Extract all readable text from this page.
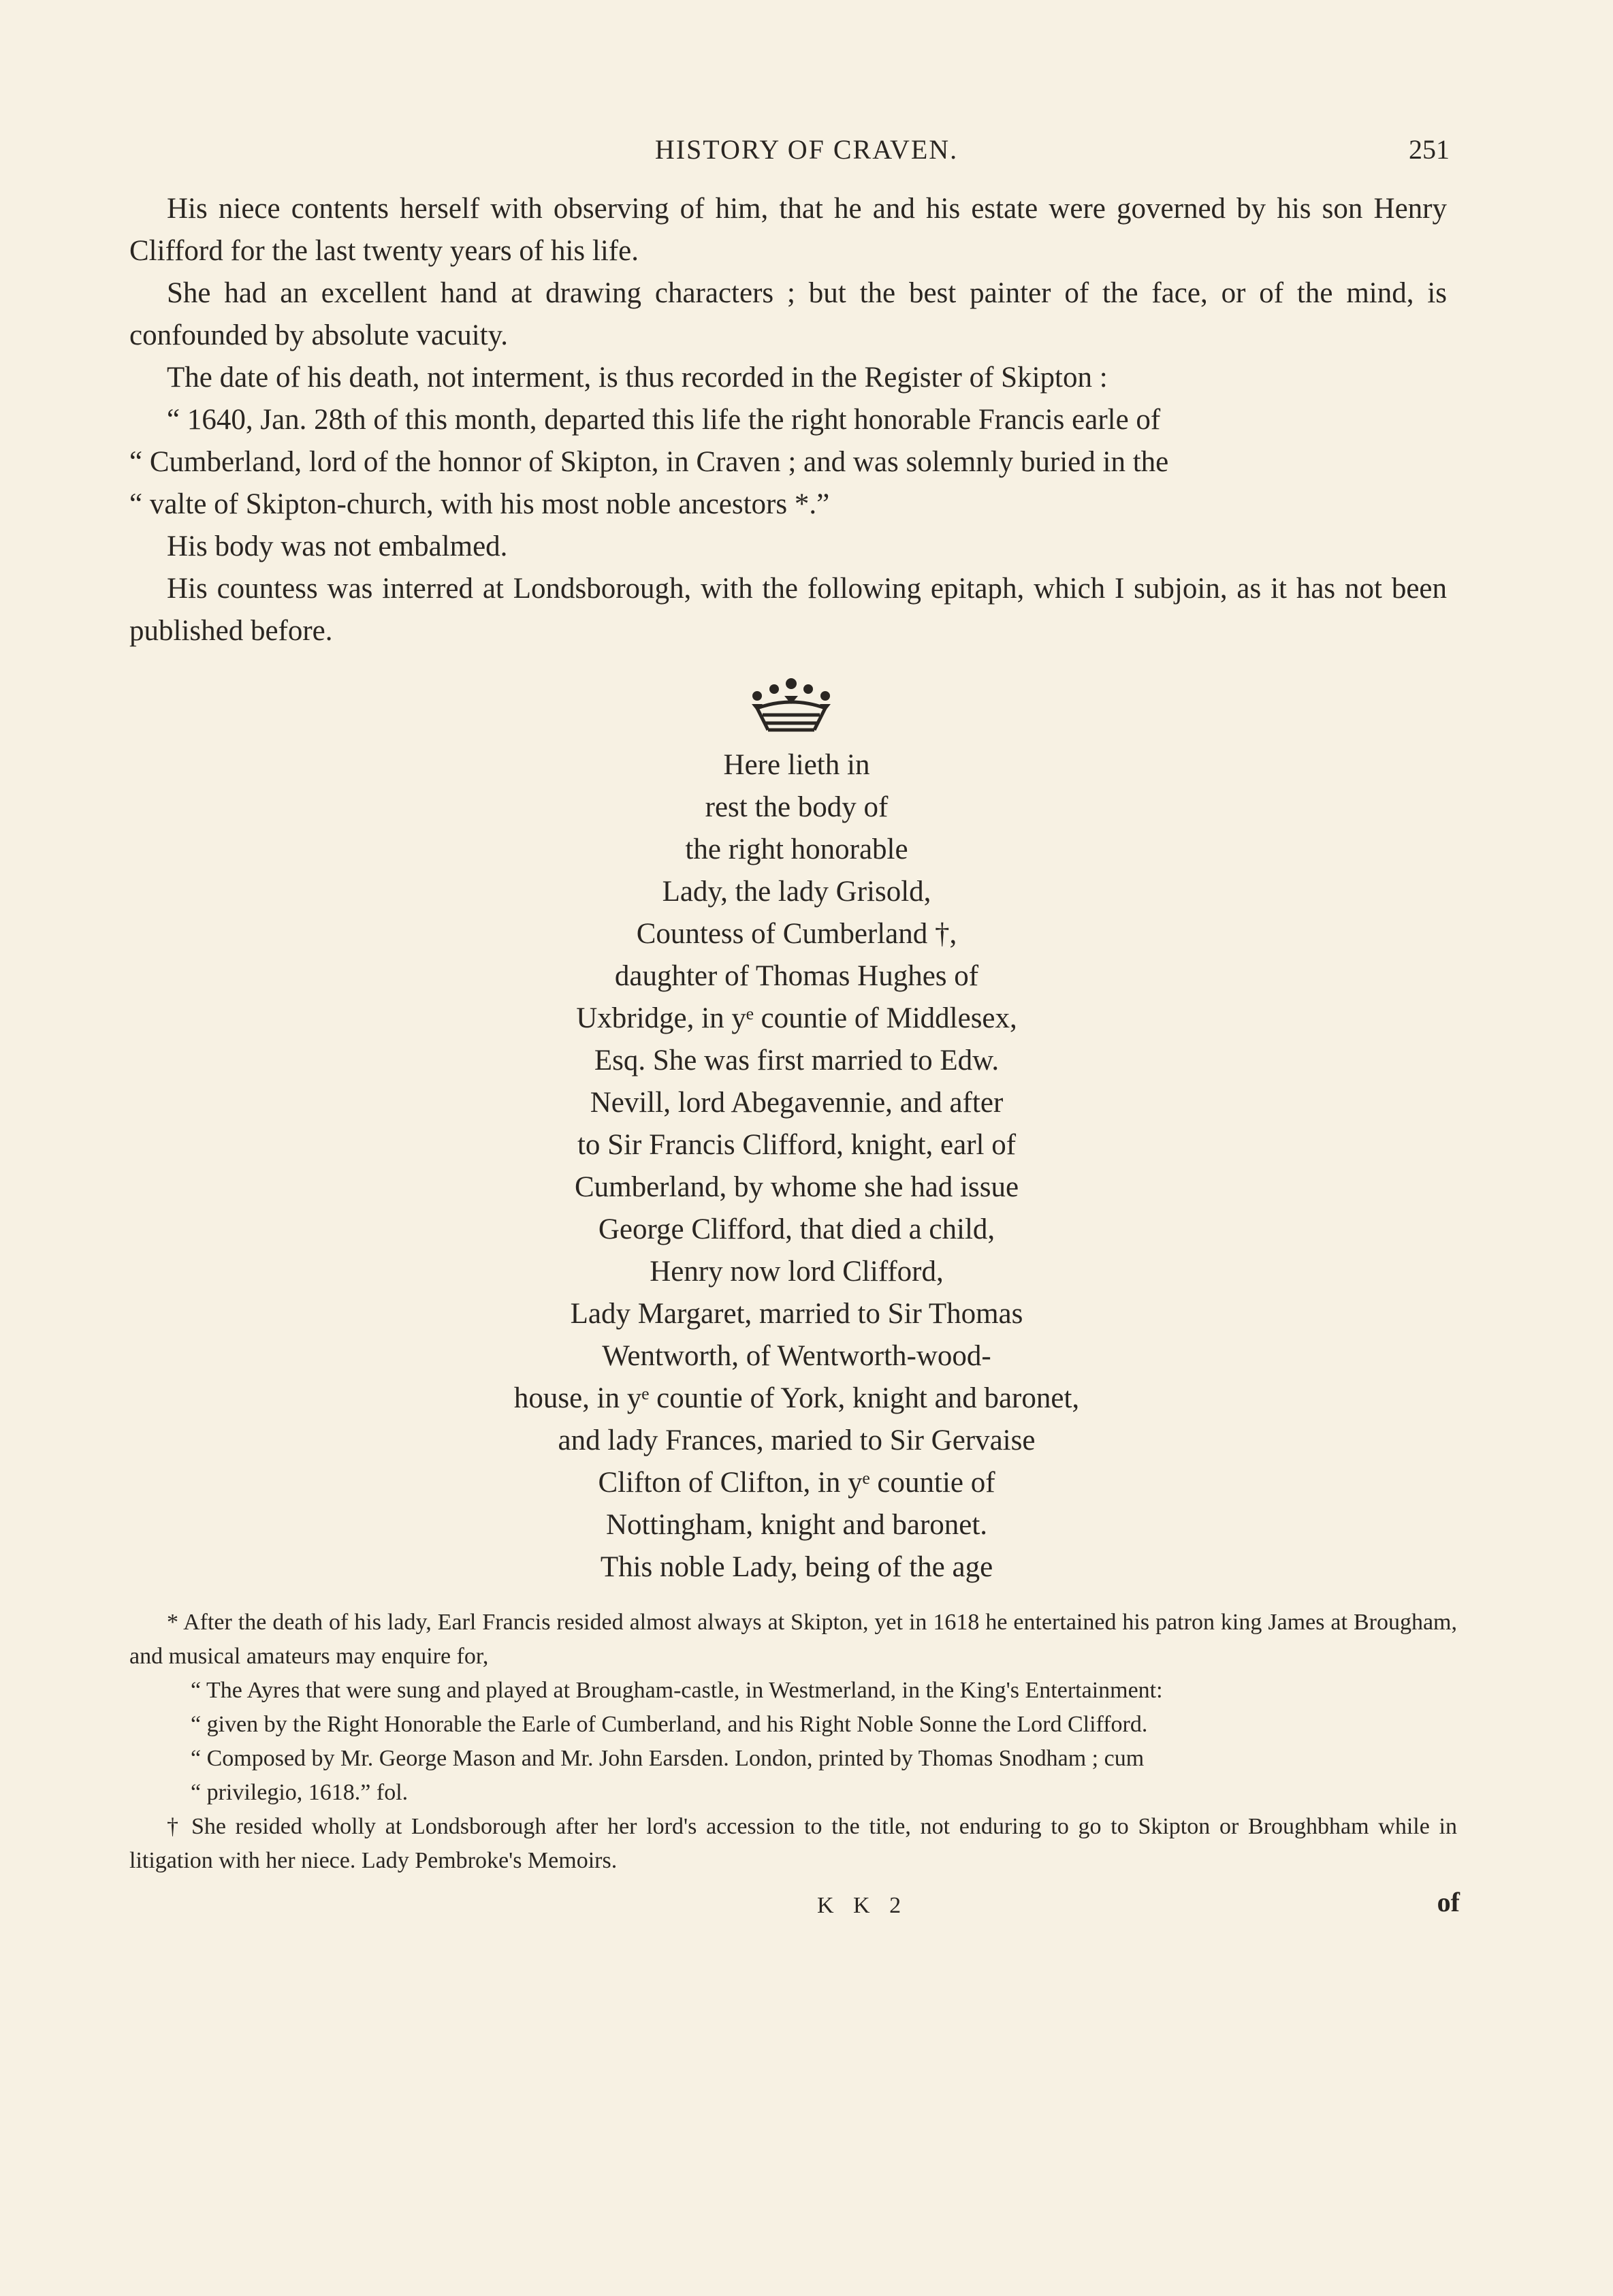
HISTORY OF CRAVEN.	251

His niece contents herself with observing of him, that he and his estate were governed by his son Henry Clifford for the last twenty years of his life.

She had an excellent hand at drawing characters ; but the best painter of the face, or of the mind, is confounded by absolute vacuity.

The date of his death, not interment, is thus recorded in the Register of Skipton :

“ 1640, Jan. 28th of this month, departed this life the right honorable Francis earle of

“ Cumberland, lord of the honnor of Skipton, in Craven ; and was solemnly buried in the

“ valte of Skipton-church, with his most noble ancestors *.”

His body was not embalmed.

His countess was interred at Londsborough, with the following epitaph, which I subjoin, as it has not been published before.

Here lieth in
rest the body of
the right honorable
Lady, the lady Grisold,
Countess of Cumberland †,
daughter of Thomas Hughes of
Uxbridge, in yᵉ countie of Middlesex,
Esq. She was first married to Edw.
Nevill, lord Abegavennie, and after
to Sir Francis Clifford, knight, earl of
Cumberland, by whome she had issue
George Clifford, that died a child,
Henry now lord Clifford,
Lady Margaret, married to Sir Thomas
Wentworth, of Wentworth-wood-
house, in yᵉ countie of York, knight and baronet,
and lady Frances, maried to Sir Gervaise
Clifton of Clifton, in yᵉ countie of
Nottingham, knight and baronet.
This noble Lady, being of the age

* After the death of his lady, Earl Francis resided almost always at Skipton, yet in 1618 he entertained his patron king James at Brougham, and musical amateurs may enquire for,

“ The Ayres that were sung and played at Brougham-castle, in Westmerland, in the King's Entertainment:

“ given by the Right Honorable the Earle of Cumberland, and his Right Noble Sonne the Lord Clifford.

“ Composed by Mr. George Mason and Mr. John Earsden. London, printed by Thomas Snodham ; cum

“ privilegio, 1618.” fol.

† She resided wholly at Londsborough after her lord's accession to the title, not enduring to go to Skipton or Broughbham while in litigation with her niece. Lady Pembroke's Memoirs.

K K 2	of
